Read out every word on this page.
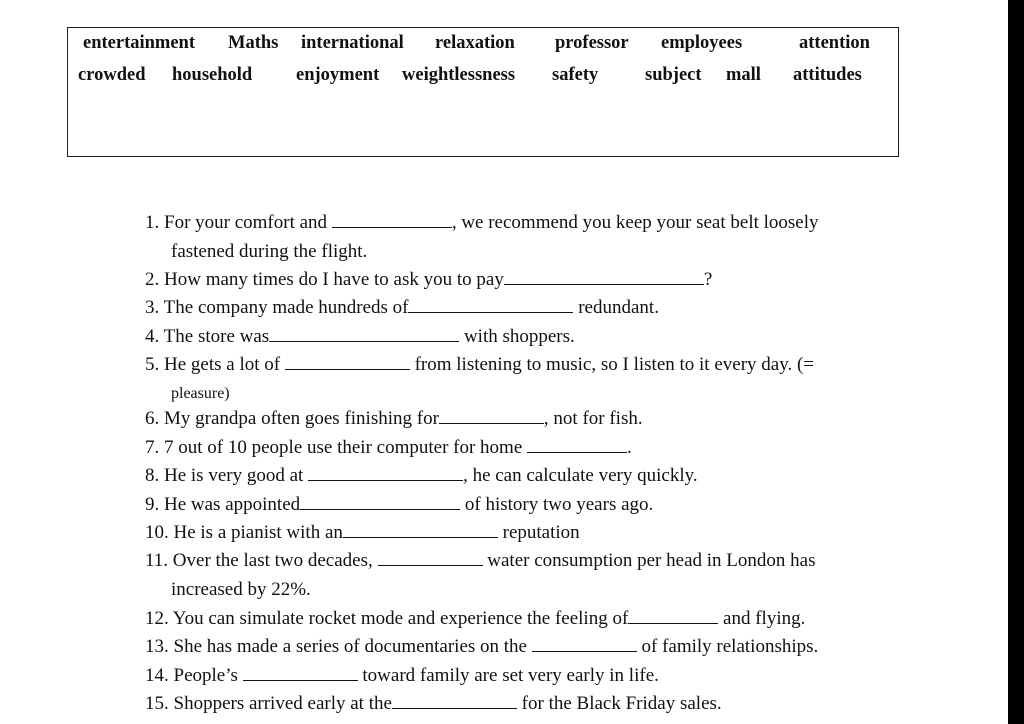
entertainment Maths international relaxation professor employees	attention
crowded household enjoyment weightlessness safety	subject mall attitudes
1. For your comfort and	, we recommend you keep your seat belt loosely
fastened during the flight.
2. How many times do I have to ask you to pay	?
3. The company made hundreds of	redundant.
4. The store was	with shoppers.
5. He gets a lot of	from listening to music, so I listen to it every day. (=
pleasure)
6. My grandpa often goes finishing for	, not for fish.
7. 7 out of 10 people use their computer for home	.
8. He is very good at	, he can calculate very quickly.
9. He was appointed	of history two years ago.
10. He is a pianist with an	reputation
11. Over the last two decades,	water consumption per head in London has
increased by 22%.
12. You can simulate rocket mode and experience the feeling of	and flying.
13. She has made a series of documentaries on the	of family relationships.
14. People’s	toward family are set very early in life.
15. Shoppers arrived early at the	for the Black Friday sales.
